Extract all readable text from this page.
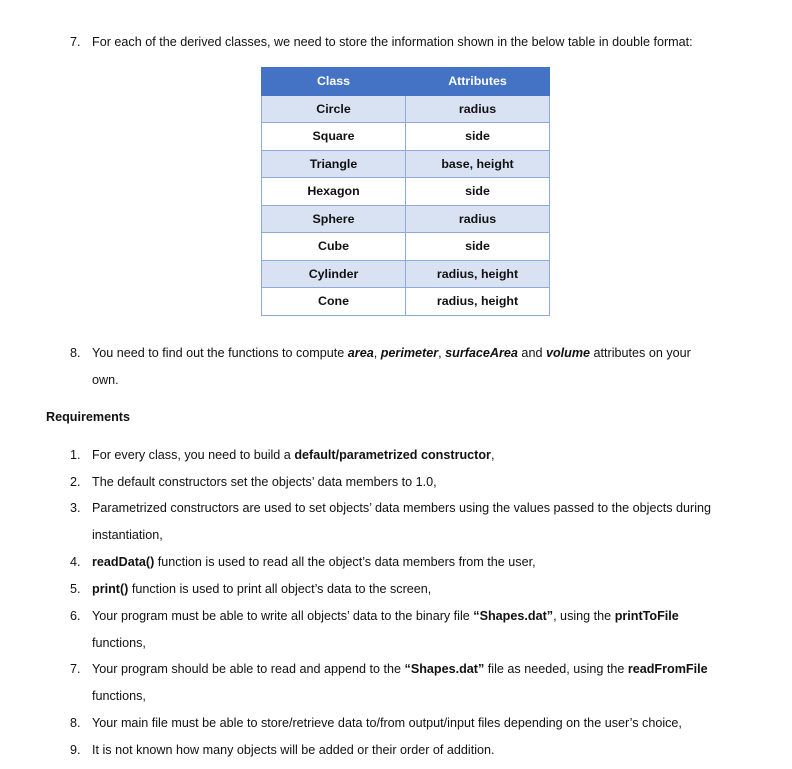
7. For each of the derived classes, we need to store the information shown in the below table in double format:
Class	Attributes
Circle	radius
Square	side
Triangle	base, height
Hexagon	side
Sphere	radius
Cube	side
Cylinder	radius, height
Cone	radius, height
8. You need to find out the functions to compute area, perimeter, surfaceArea and volume attributes on your
own.
Requirements
1. For every class, you need to build a default/parametrized constructor,
2. The default constructors set the objects’ data members to 1.0,
3. Parametrized constructors are used to set objects’ data members using the values passed to the objects during
instantiation,
4. readData() function is used to read all the object’s data members from the user,
5. print() function is used to print all object’s data to the screen,
6. Your program must be able to write all objects’ data to the binary file “Shapes.dat”, using the printToFile
functions,
7. Your program should be able to read and append to the “Shapes.dat” file as needed, using the readFromFile
functions,
8. Your main file must be able to store/retrieve data to/from output/input files depending on the user’s choice,
9. It is not known how many objects will be added or their order of addition.
